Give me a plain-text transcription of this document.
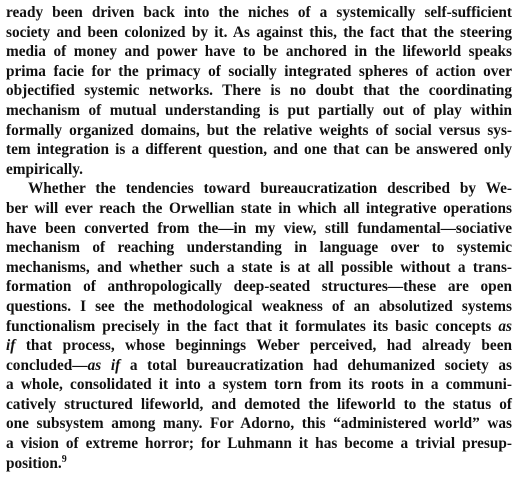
ready been driven back into the niches of a systemically self-sufficient
society and been colonized by it. As against this, the fact that the steering
media of money and power have to be anchored in the lifeworld speaks
prima facie for the primacy of socially integrated spheres of action over
objectified systemic networks. There is no doubt that the coordinating
mechanism of mutual understanding is put partially out of play within
formally organized domains, but the relative weights of social versus sys-
tem integration is a different question, and one that can be answered only
empirically.
Whether the tendencies toward bureaucratization described by We-
ber will ever reach the Orwellian state in which all integrative operations
have been converted from the—in my view, still fundamental—sociative
mechanism of reaching understanding in language over to systemic
mechanisms, and whether such a state is at all possible without a trans-
formation of anthropologically deep-seated structures—these are open
questions. I see the methodological weakness of an absolutized systems
functionalism precisely in the fact that it formulates its basic concepts as
if that process, whose beginnings Weber perceived, had already been
concluded—as if a total bureaucratization had dehumanized society as
a whole, consolidated it into a system torn from its roots in a communi-
catively structured lifeworld, and demoted the lifeworld to the status of
one subsystem among many. For Adorno, this “administered world” was
a vision of extreme horror; for Luhmann it has become a trivial presup-
position.$^9$
